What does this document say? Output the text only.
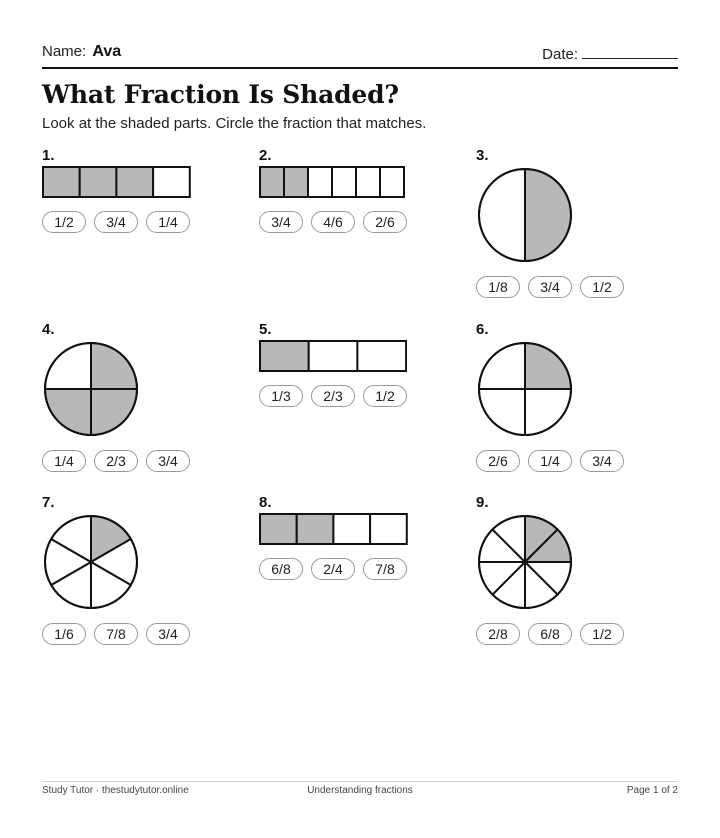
Name: Ava	Date:
What Fraction Is Shaded?

Look at the shaded parts. Circle the fraction that matches.

1.
1/2	3/4	1/4
2.
3/4	4/6	2/6
3.
1/8	3/4	1/2
4.
1/4	2/3	3/4
5.
1/3	2/3	1/2
6.
2/6	1/4	3/4
7.
1/6	7/8	3/4
8.
6/8	2/4	7/8
9.
2/8	6/8	1/2
Study Tutor · thestudytutor.online	Understanding fractions	Page 1 of 2
